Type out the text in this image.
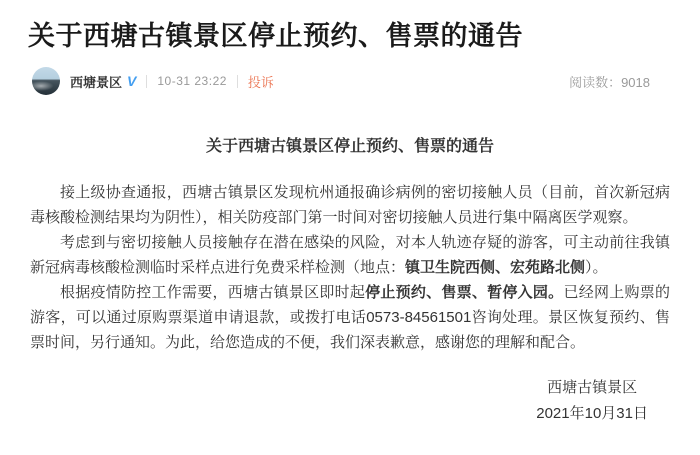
关于西塘古镇景区停止预约、售票的通告
西塘景区 V 10-31 23:22 投诉	阅读数：9018
关于西塘古镇景区停止预约、售票的通告

接上级协查通报，西塘古镇景区发现杭州通报确诊病例的密切接触人员（目前，首次新冠病毒核酸检测结果均为阴性），相关防疫部门第一时间对密切接触人员进行集中隔离医学观察。

考虑到与密切接触人员接触存在潜在感染的风险，对本人轨迹存疑的游客，可主动前往我镇新冠病毒核酸检测临时采样点进行免费采样检测（地点：镇卫生院西侧、宏苑路北侧）。

根据疫情防控工作需要，西塘古镇景区即时起停止预约、售票、暂停入园。已经网上购票的游客，可以通过原购票渠道申请退款，或拨打电话0573-84561501咨询处理。景区恢复预约、售票时间，另行通知。为此，给您造成的不便，我们深表歉意，感谢您的理解和配合。

西塘古镇景区
2021年10月31日
